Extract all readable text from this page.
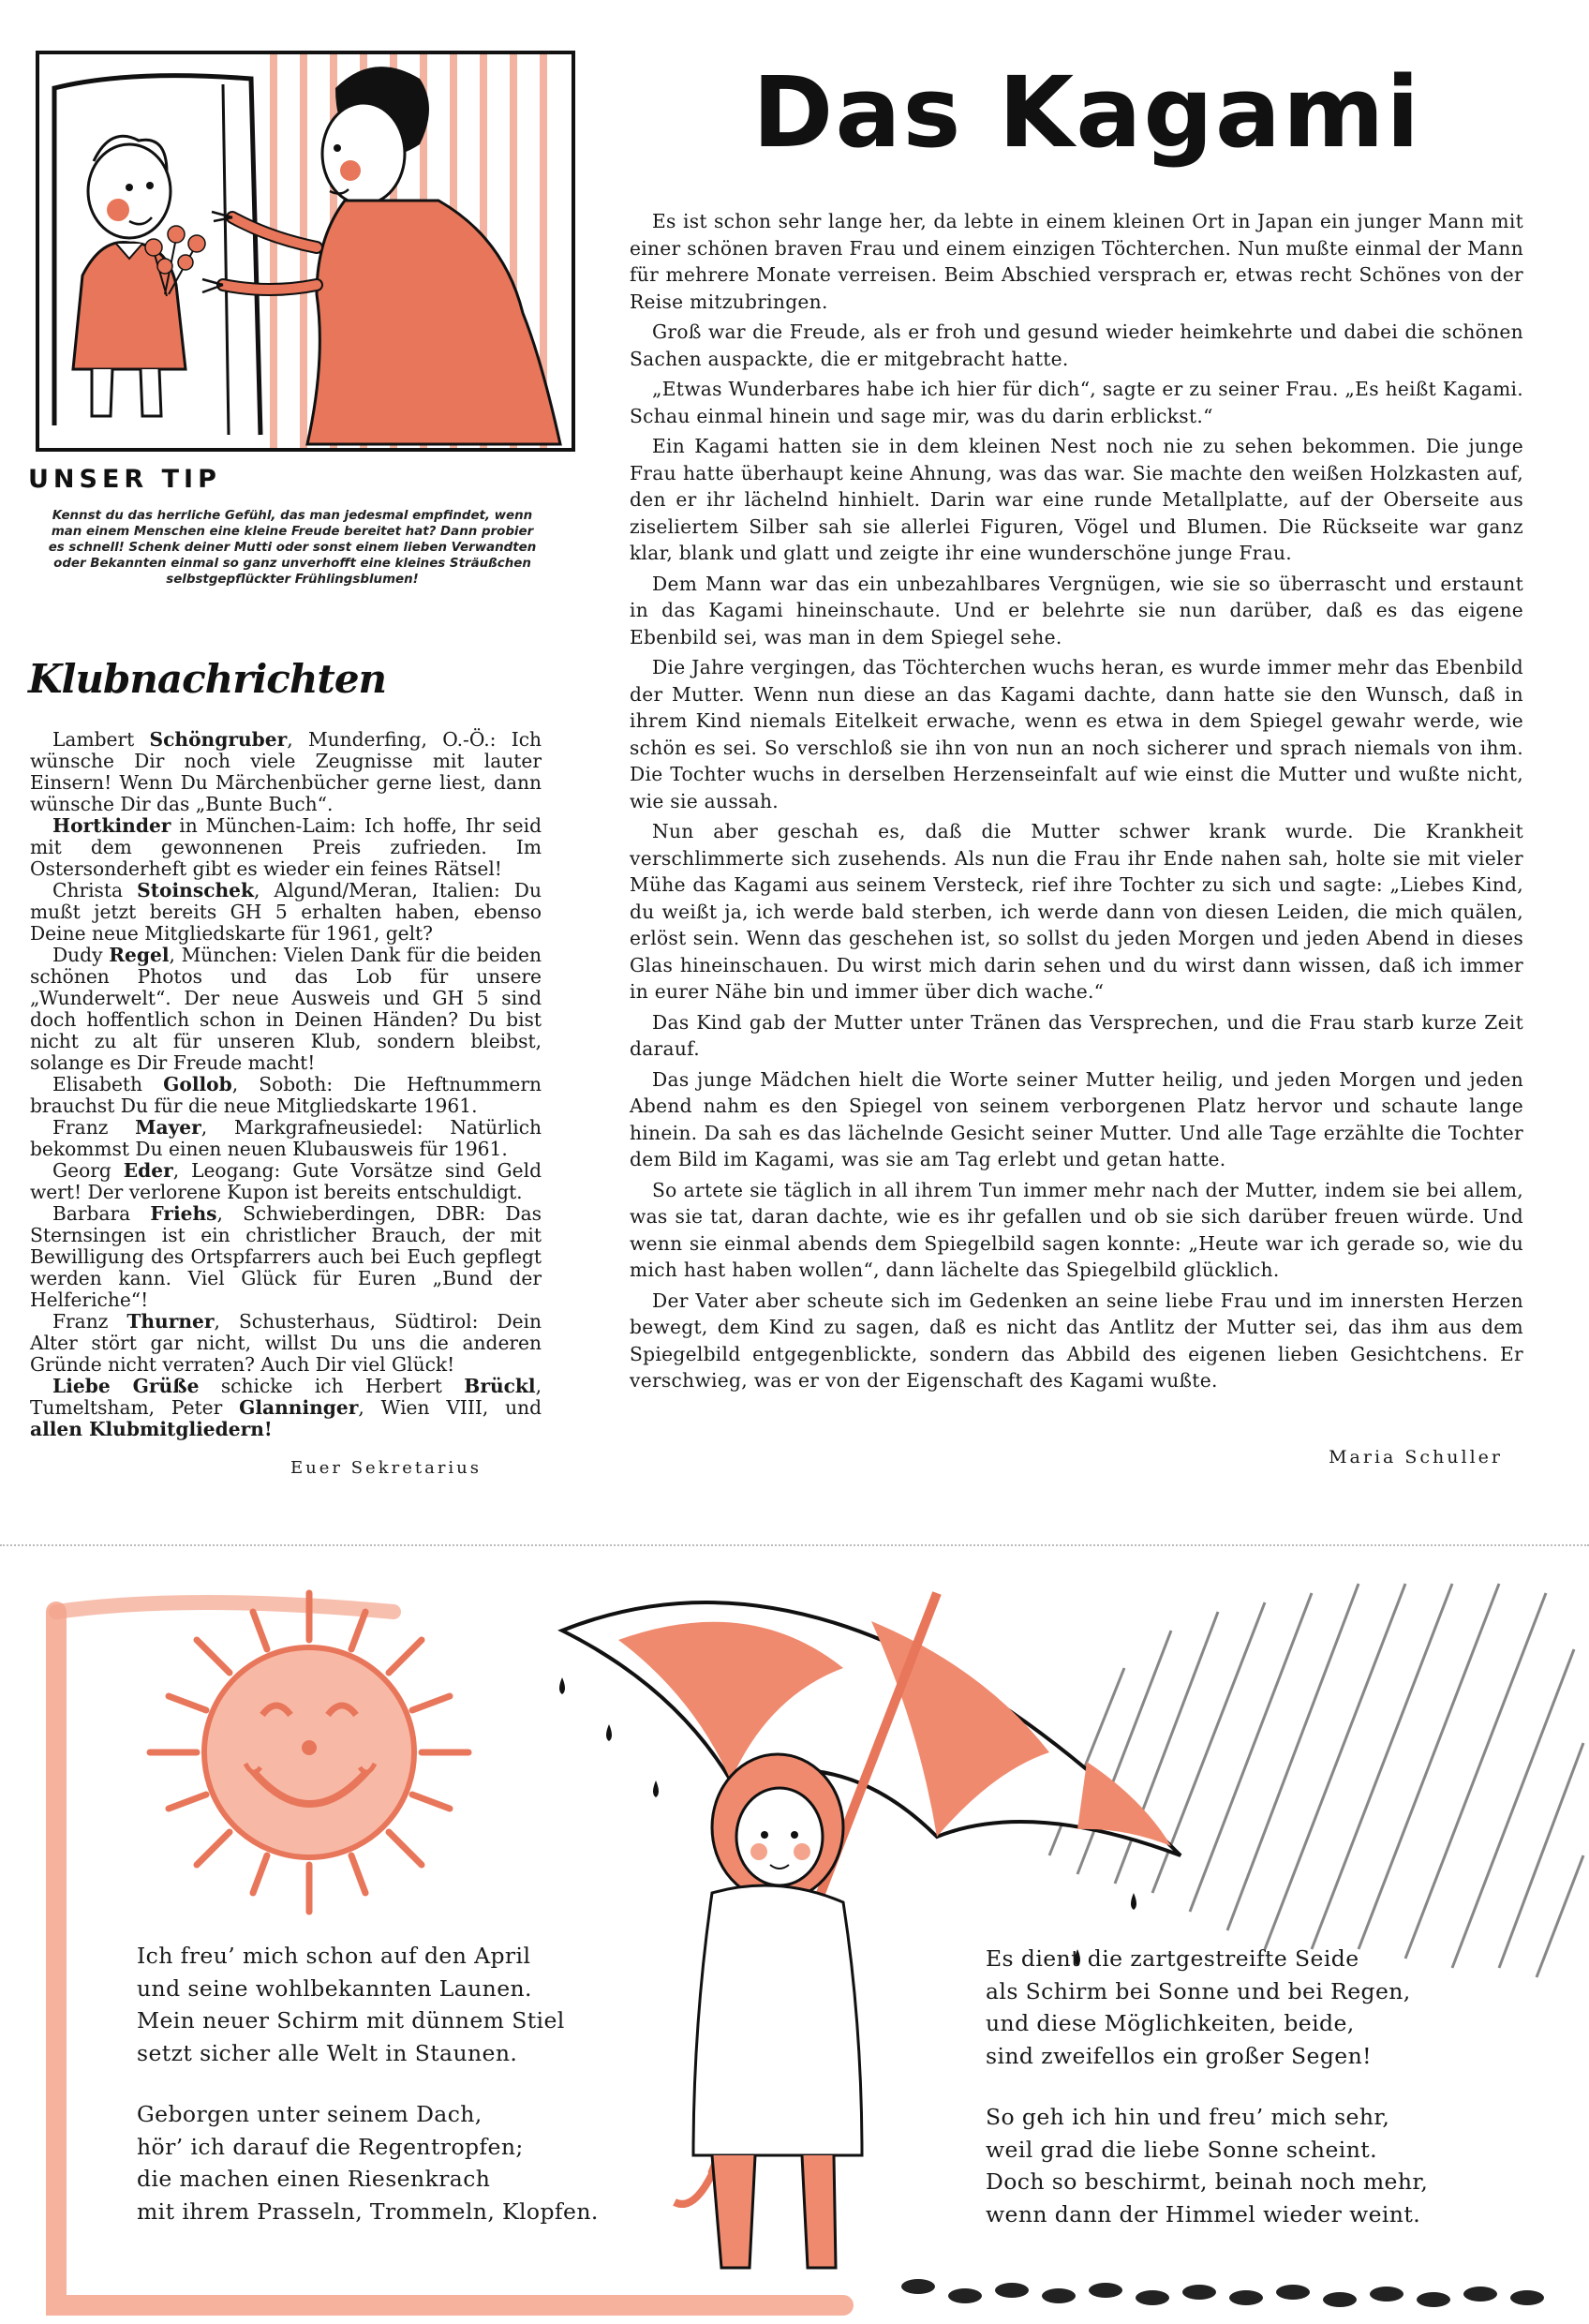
UNSER TIP
Kennst du das herrliche Gefühl, das man jedesmal empfindet, wenn man einem Menschen eine kleine Freude bereitet hat? Dann probier es schnell! Schenk deiner Mutti oder sonst einem lieben Verwandten oder Bekannten einmal so ganz unverhofft eine kleines Sträußchen selbstgepflückter Frühlingsblumen!
Klubnachrichten

Lambert Schöngruber, Munderfing, O.-Ö.: Ich wünsche Dir noch viele Zeugnisse mit lauter Einsern! Wenn Du Märchenbücher gerne liest, dann wünsche Dir das „Bunte Buch“.

Hortkinder in München-Laim: Ich hoffe, Ihr seid mit dem gewonnenen Preis zufrieden. Im Ostersonderheft gibt es wieder ein feines Rätsel!

Christa Stoinschek, Algund/Meran, Italien: Du mußt jetzt bereits GH 5 erhalten haben, ebenso Deine neue Mitgliedskarte für 1961, gelt?

Dudy Regel, München: Vielen Dank für die beiden schönen Photos und das Lob für unsere „Wunderwelt“. Der neue Ausweis und GH 5 sind doch hoffentlich schon in Deinen Händen? Du bist nicht zu alt für unseren Klub, sondern bleibst, solange es Dir Freude macht!

Elisabeth Gollob, Soboth: Die Heftnummern brauchst Du für die neue Mitgliedskarte 1961.

Franz Mayer, Markgrafneusiedel: Natürlich bekommst Du einen neuen Klubausweis für 1961.

Georg Eder, Leogang: Gute Vorsätze sind Geld wert! Der verlorene Kupon ist bereits entschuldigt.

Barbara Friehs, Schwieberdingen, DBR: Das Sternsingen ist ein christlicher Brauch, der mit Bewilligung des Ortspfarrers auch bei Euch gepflegt werden kann. Viel Glück für Euren „Bund der Helferiche“!

Franz Thurner, Schusterhaus, Südtirol: Dein Alter stört gar nicht, willst Du uns die anderen Gründe nicht verraten? Auch Dir viel Glück!

Liebe Grüße schicke ich Herbert Brückl, Tumeltsham, Peter Glanninger, Wien VIII, und allen Klubmitgliedern!

Euer Sekretarius
Das Kagami

Es ist schon sehr lange her, da lebte in einem kleinen Ort in Japan ein junger Mann mit einer schönen braven Frau und einem einzigen Töchterchen. Nun mußte einmal der Mann für mehrere Monate verreisen. Beim Abschied versprach er, etwas recht Schönes von der Reise mitzubringen.

Groß war die Freude, als er froh und gesund wieder heimkehrte und dabei die schönen Sachen auspackte, die er mitgebracht hatte.

„Etwas Wunderbares habe ich hier für dich“, sagte er zu seiner Frau. „Es heißt Kagami. Schau einmal hinein und sage mir, was du darin erblickst.“

Ein Kagami hatten sie in dem kleinen Nest noch nie zu sehen bekommen. Die junge Frau hatte überhaupt keine Ahnung, was das war. Sie machte den weißen Holzkasten auf, den er ihr lächelnd hinhielt. Darin war eine runde Metallplatte, auf der Oberseite aus ziseliertem Silber sah sie allerlei Figuren, Vögel und Blumen. Die Rückseite war ganz klar, blank und glatt und zeigte ihr eine wunderschöne junge Frau.

Dem Mann war das ein unbezahlbares Vergnügen, wie sie so überrascht und erstaunt in das Kagami hineinschaute. Und er belehrte sie nun darüber, daß es das eigene Ebenbild sei, was man in dem Spiegel sehe.

Die Jahre vergingen, das Töchterchen wuchs heran, es wurde immer mehr das Ebenbild der Mutter. Wenn nun diese an das Kagami dachte, dann hatte sie den Wunsch, daß in ihrem Kind niemals Eitelkeit erwache, wenn es etwa in dem Spiegel gewahr werde, wie schön es sei. So verschloß sie ihn von nun an noch sicherer und sprach niemals von ihm. Die Tochter wuchs in derselben Herzenseinfalt auf wie einst die Mutter und wußte nicht, wie sie aussah.

Nun aber geschah es, daß die Mutter schwer krank wurde. Die Krankheit verschlimmerte sich zusehends. Als nun die Frau ihr Ende nahen sah, holte sie mit vieler Mühe das Kagami aus seinem Versteck, rief ihre Tochter zu sich und sagte: „Liebes Kind, du weißt ja, ich werde bald sterben, ich werde dann von diesen Leiden, die mich quälen, erlöst sein. Wenn das geschehen ist, so sollst du jeden Morgen und jeden Abend in dieses Glas hineinschauen. Du wirst mich darin sehen und du wirst dann wissen, daß ich immer in eurer Nähe bin und immer über dich wache.“

Das Kind gab der Mutter unter Tränen das Versprechen, und die Frau starb kurze Zeit darauf.

Das junge Mädchen hielt die Worte seiner Mutter heilig, und jeden Morgen und jeden Abend nahm es den Spiegel von seinem verborgenen Platz hervor und schaute lange hinein. Da sah es das lächelnde Gesicht seiner Mutter. Und alle Tage erzählte die Tochter dem Bild im Kagami, was sie am Tag erlebt und getan hatte.

So artete sie täglich in all ihrem Tun immer mehr nach der Mutter, indem sie bei allem, was sie tat, daran dachte, wie es ihr gefallen und ob sie sich darüber freuen würde. Und wenn sie einmal abends dem Spiegelbild sagen konnte: „Heute war ich gerade so, wie du mich hast haben wollen“, dann lächelte das Spiegelbild glücklich.

Der Vater aber scheute sich im Gedenken an seine liebe Frau und im innersten Herzen bewegt, dem Kind zu sagen, daß es nicht das Antlitz der Mutter sei, das ihm aus dem Spiegelbild entgegenblickte, sondern das Abbild des eigenen lieben Gesichtchens. Er verschwieg, was er von der Eigenschaft des Kagami wußte.

Maria Schuller

Ich freu’ mich schon auf den April

und seine wohlbekannten Launen.

Mein neuer Schirm mit dünnem Stiel

setzt sicher alle Welt in Staunen.

Geborgen unter seinem Dach,

hör’ ich darauf die Regentropfen;

die machen einen Riesenkrach

mit ihrem Prasseln, Trommeln, Klopfen.

Es dient die zartgestreifte Seide

als Schirm bei Sonne und bei Regen,

und diese Möglichkeiten, beide,

sind zweifellos ein großer Segen!

So geh ich hin und freu’ mich sehr,

weil grad die liebe Sonne scheint.

Doch so beschirmt, beinah noch mehr,

wenn dann der Himmel wieder weint.
